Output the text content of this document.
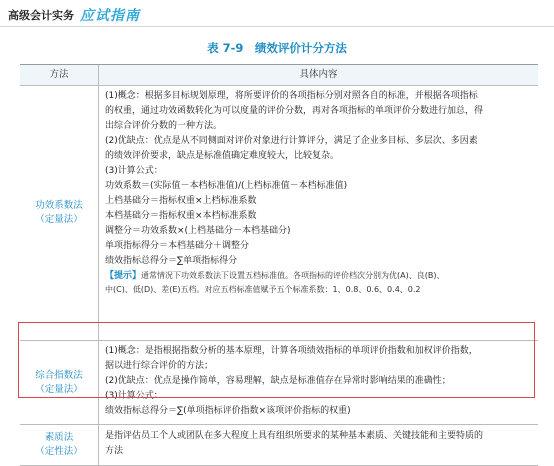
高级会计实务 应试指南
表 7-9　绩效评价计分方法
方法	具体内容
功效系数法
（定量法）
(1)概念：根据多目标规划原理，将所要评价的各项指标分别对照各自的标准，并根据各项指标
的权重，通过功效函数转化为可以度量的评价分数，再对各项指标的单项评价分数进行加总，得
出综合评价分数的一种方法。
(2)优缺点：优点是从不同侧面对评价对象进行计算评分，满足了企业多目标、多层次、多因素
的绩效评价要求，缺点是标准值确定难度较大，比较复杂。
(3)计算公式：
功效系数＝(实际值－本档标准值)/(上档标准值－本档标准值)
上档基础分＝指标权重×上档标准系数
本档基础分＝指标权重×本档标准系数
调整分＝功效系数×(上档基础分－本档基础分)
单项指标得分＝本档基础分＋调整分
绩效指标总得分＝∑单项指标得分
【提示】通常情况下功效系数法下设置五档标准值。各项指标的评价档次分别为优(A)、良(B)、
中(C)、低(D)、差(E)五档。对应五档标准值赋予五个标准系数：1、0.8、0.6、0.4、0.2
综合指数法
（定量法）
(1)概念：是指根据指数分析的基本原理，计算各项绩效指标的单项评价指数和加权评价指数，
据以进行综合评价的方法；
(2)优缺点：优点是操作简单，容易理解，缺点是标准值存在异常时影响结果的准确性；
(3)计算公式：
绩效指标总得分＝∑(单项指标评价指数×该项评价指标的权重)
素质法
（定性法）
是指评估员工个人或团队在多大程度上具有组织所要求的某种基本素质、关键技能和主要特质的
方法
